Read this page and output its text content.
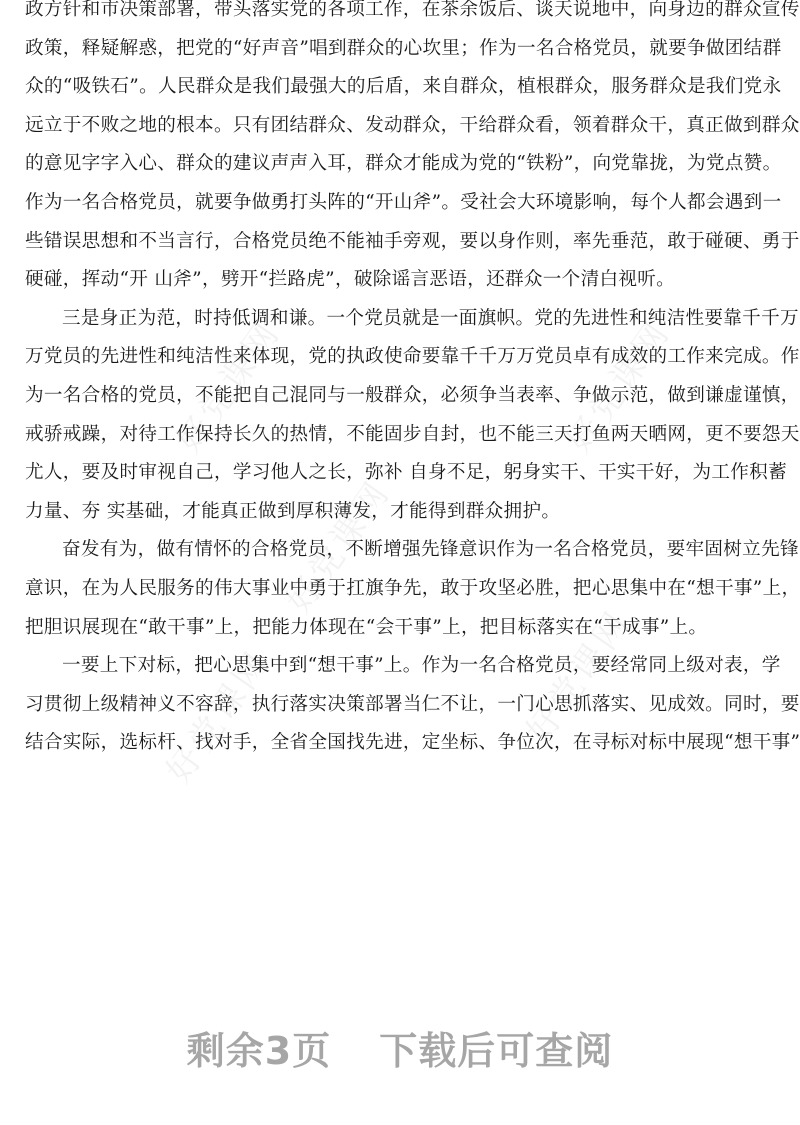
好党课网	好党课网
好党课网
好党课网	好党课网
政方针和市决策部署，带头落实党的各项工作，在茶余饭后、谈天说地中，向身边的群众宣传
政策，释疑解惑，把党的“好声音”唱到群众的心坎里；作为一名合格党员，就要争做团结群
众的“吸铁石”。人民群众是我们最强大的后盾，来自群众，植根群众，服务群众是我们党永
远立于不败之地的根本。只有团结群众、发动群众，干给群众看，领着群众干，真正做到群众
的意见字字入心、群众的建议声声入耳，群众才能成为党的“铁粉”，向党靠拢，为党点赞。
作为一名合格党员，就要争做勇打头阵的“开山斧”。受社会大环境影响，每个人都会遇到一
些错误思想和不当言行，合格党员绝不能袖手旁观，要以身作则，率先垂范，敢于碰硬、勇于
硬碰，挥动“开 山斧”，劈开“拦路虎”，破除谣言恶语，还群众一个清白视听。
三是身正为范，时持低调和谦。一个党员就是一面旗帜。党的先进性和纯洁性要靠千千万
万党员的先进性和纯洁性来体现，党的执政使命要靠千千万万党员卓有成效的工作来完成。作
为一名合格的党员，不能把自己混同与一般群众，必须争当表率、争做示范，做到谦虚谨慎，
戒骄戒躁，对待工作保持长久的热情，不能固步自封，也不能三天打鱼两天晒网，更不要怨天
尤人，要及时审视自己，学习他人之长，弥补 自身不足，躬身实干、干实干好，为工作积蓄
力量、夯 实基础，才能真正做到厚积薄发，才能得到群众拥护。
奋发有为，做有情怀的合格党员，不断增强先锋意识作为一名合格党员，要牢固树立先锋
意识，在为人民服务的伟大事业中勇于扛旗争先，敢于攻坚必胜，把心思集中在“想干事”上，
把胆识展现在“敢干事”上，把能力体现在“会干事”上，把目标落实在“干成事”上。
一要上下对标，把心思集中到“想干事”上。作为一名合格党员，要经常同上级对表，学
习贯彻上级精神义不容辞，执行落实决策部署当仁不让，一门心思抓落实、见成效。同时，要
结合实际，选标杆、找对手，全省全国找先进，定坐标、争位次，在寻标对标中展现“想干事”
剩余3页 下载后可查阅
